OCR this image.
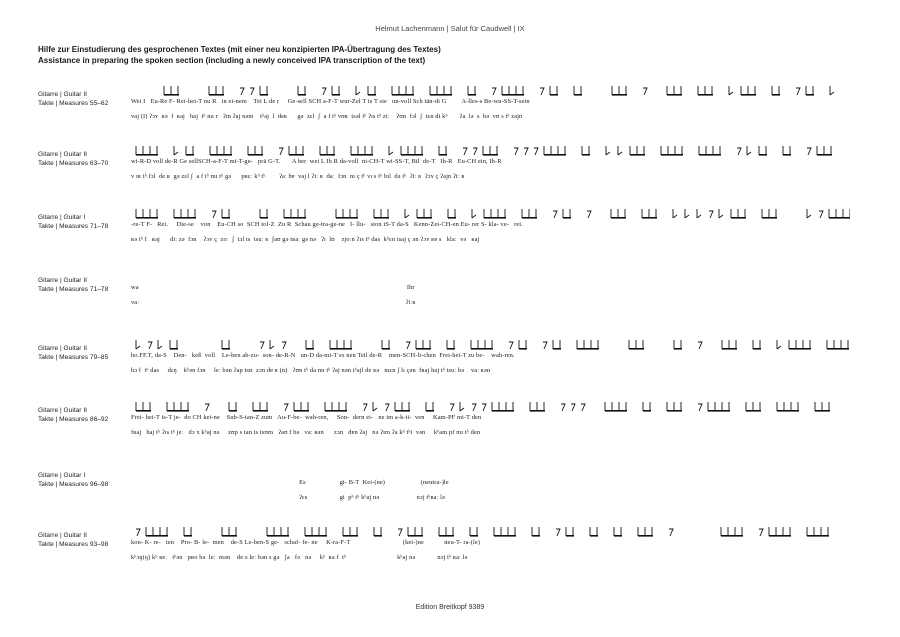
Helmut Lachenmann | Salut für Caudwell | IX
Hilfe zur Einstudierung des gesprochenen Textes (mit einer neu konzipierten IPA-Übertragung des Textes)
Assistance in preparing the spoken section (including a newly conceived IPA transcription of the text)
Gitarre | Guitar II
Takte | Measures 55–62	Wei I   Eu-Re F- Rei-hei-T nu R   in ei-nem    Tei L de r     Ge-sell SCH a-F-T wur-Zel T is T sie   un-voll Sch tän-di G         A-lles-s Be-wu-SS-T-sein
vaj (I) ʔɔʏ  ʀə  f  ʀaj   haj  tʰ nu r   ʔɪn ʔaj nəm    tʰaj  l  deʀ      gə  zɛl  ʃ  a f tʰ vʊʀ  tsəl tʰ ʔɪs tʰ ziː    ʔʊn  fɔl  ʃ  tɛn di kʰ       ʔa  lə  s  bə  vʊ s tʰ zajn
Gitarre | Guitar II
Takte | Measures 63–70	wi-R-D voll de-R Ge sellSCH-a-F-T mi-T-ge-   prä G-T.       A ber  wei L Ih R da-voll  ni-CH-T wi-SS-T, Bil  de-T   Ih-R   Eu-CH ein, Ih-R
v ɪʀ tʰ fɔl  de ʀ  gə zɛl ʃ  a f tʰ mɪ tʰ gə      pʀɛː kʰ tʰ        ʔaː bɐ  vaj l ʔiː ʀ  daː  fɔn  nɪ ç tʰ vɪ s tʰ bɪl  də tʰ  ʔiː ʀ  ʔɔʏ ç ʔajn ʔiː ʀ
Gitarre | Guitar I
Takte | Measures 71–78	-re-T F-   Rei.     Die-se    von    Eu-CH so  SCH tol-Z  Zu R  Schau ge-tra-ge-ne   I- llu-   sion iS-T da-S   Kenn-Zei-CH-en Eu- rer S- kla- ve-   rei.
ʀə tʰ f   ʀaj      diː zə  fɔn    ʔɔʏ ç  zoː  ʃ  tɔl ts  tsuː ʀ  ʃaʊ gə tʀaː gə nə   ʔɪ  lʊ    zjoːn ʔɪs tʰ das  kʰɛn tsaj ç ən ʔɔʏ ʀɐ s   klaː  və   ʀaj
Gitarre | Guitar II
Takte | Measures 71–78	wa                                                                                                                                                              Ihr
vaː                                                                                                                                                             ʔiːʀ
Gitarre | Guitar II
Takte | Measures 79–85	ho.FF.T, da-S    Den-   keß  voll    Le-ben ab-zu-  son- de-R-N   un-D da-mi-T es nen Teil de-R    men-SCH-li-chen  Frei-hei-T zu be-    wah-ren.
hɔ f  tʰ das     dɛŋ    kʰən fɔn     leː bən ʔap tsʊ  zɔn dɐ ʀ (n)   ʔʊn tʰ da mɪ tʰ ʔaj nən tʰajl de ʀə   mɛn ʃ lɪ çən  fʀaj haj tʰ tsuː bə    vaː ʀən
Gitarre | Guitar II
Takte | Measures 86–92	Frei- hei-T is-T je-  do CH kei-ne    Sub-S-tan-Z zum   Au-F-be-  wah-ren,     Son-  dern ei-   ne im a-k-ti-  ven     Kam-PF mi-T den
fʀaj   haj tʰ ʔɪs tʰ jeː   dɔ x kʰaj nə     zʊp s tan ts tsʊm   ʔaʊ f bə   vaː ʀən      zɔn   dɐn ʔaj   nə ʔɪm ʔa kʰ tʰi  vən     kʰam pf mɪ tʰ den
Gitarre | Guitar I
Takte | Measures 96–98	Es                    gi- B-T  Kei-(ne)                     (neutra-)le
ʔɛs                   gi  pʰ tʰ kʰaj nə                      nɔj tʰʀaː lə
Gitarre | Guitar II
Takte | Measures 93–98	kon- K- re-   ten    Pro- B- le-  men    de-S Le-ben-S ge-   schaf- fe- ne     K-ra-F-T                               (kei-)ne            neu-T- ra-(le)
kʰɔŋ(ŋ) kʰ ʀeː   tʰən   pʀo bə  leː  mən    deːs leː bən s gə   ʃa   fə   nə     kʰ  ʀa f  tʰ                              kʰaj nə             nɔj tʰ ʀaː lə
Edition Breitkopf 9389
